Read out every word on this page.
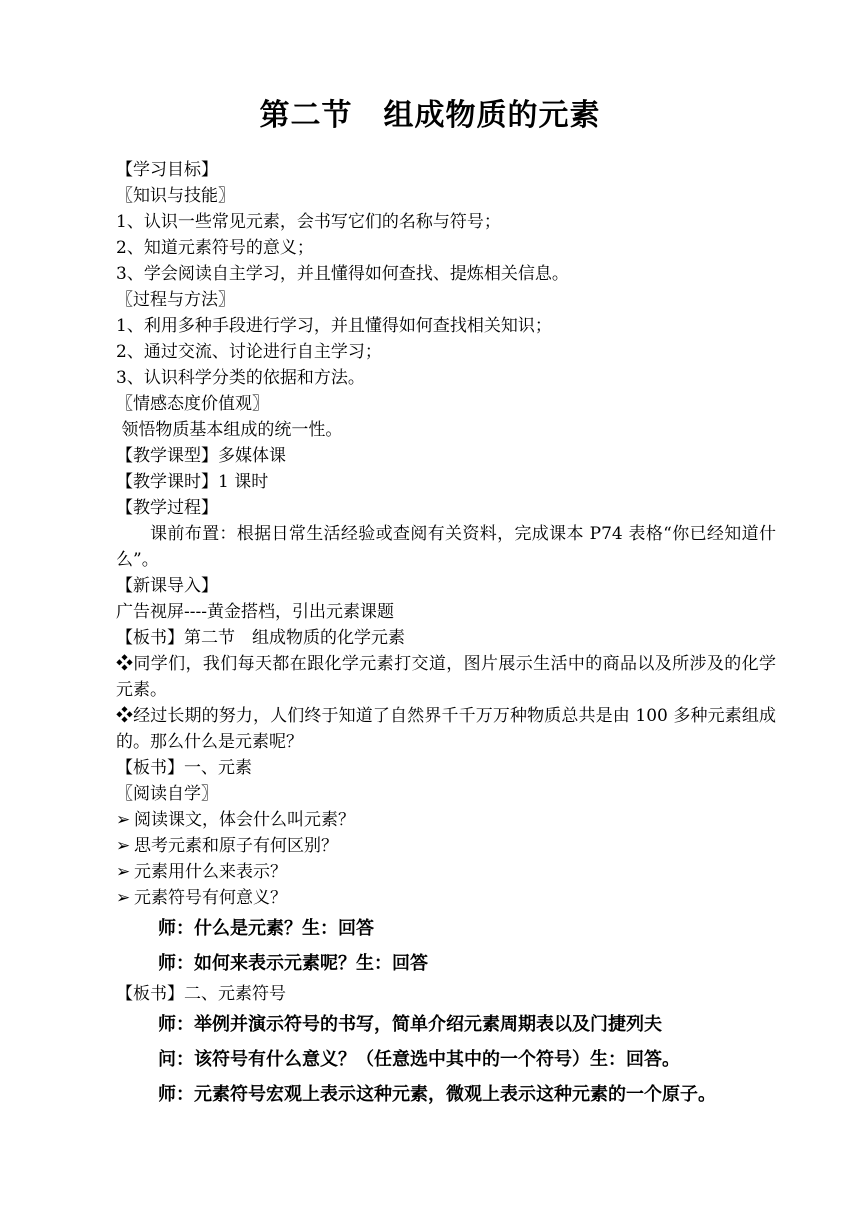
第二节　组成物质的元素
【学习目标】
〖知识与技能〗
1、认识一些常见元素，会书写它们的名称与符号；
2、知道元素符号的意义；
3、学会阅读自主学习，并且懂得如何查找、提炼相关信息。
〖过程与方法〗
1、利用多种手段进行学习，并且懂得如何查找相关知识；
2、通过交流、讨论进行自主学习；
3、认识科学分类的依据和方法。
〖情感态度价值观〗
领悟物质基本组成的统一性。
【教学课型】多媒体课
【教学课时】1 课时
【教学过程】
课前布置：根据日常生活经验或查阅有关资料，完成课本 P74 表格“你已经知道什么”。
【新课导入】
广告视屏----黄金搭档，引出元素课题
【板书】第二节　组成物质的化学元素
❖同学们，我们每天都在跟化学元素打交道，图片展示生活中的商品以及所涉及的化学元素。
❖经过长期的努力，人们终于知道了自然界千千万万种物质总共是由 100 多种元素组成的。那么什么是元素呢？
【板书】一、元素
〖阅读自学〗
➢ 阅读课文，体会什么叫元素？
➢ 思考元素和原子有何区别？
➢ 元素用什么来表示？
➢ 元素符号有何意义？
师：什么是元素？生：回答
师：如何来表示元素呢？生：回答
【板书】二、元素符号
师：举例并演示符号的书写，简单介绍元素周期表以及门捷列夫
问：该符号有什么意义？（任意选中其中的一个符号）生：回答。
师：元素符号宏观上表示这种元素，微观上表示这种元素的一个原子。
